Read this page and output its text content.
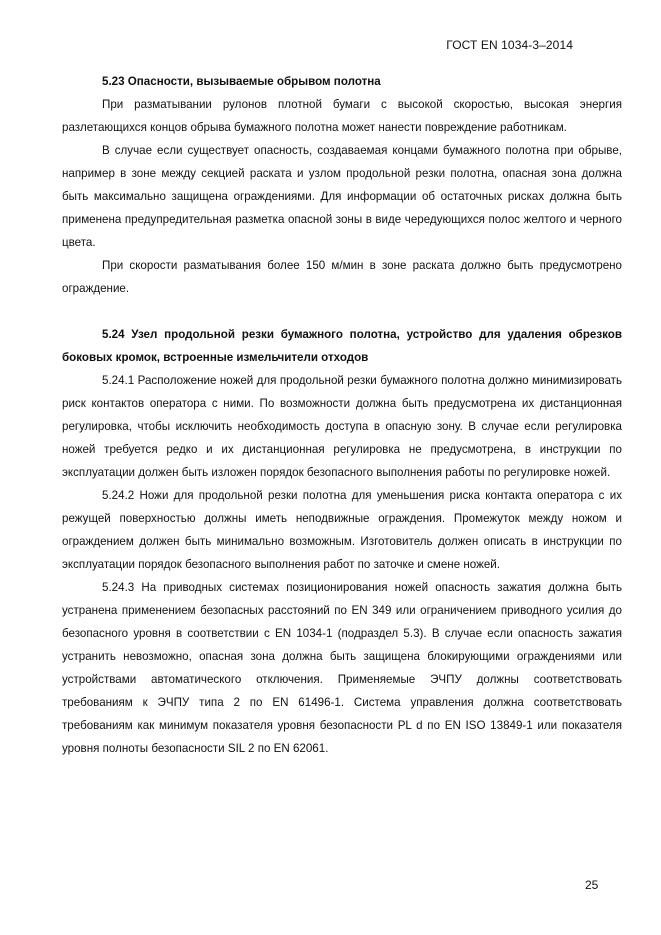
ГОСТ EN 1034-3–2014

5.23 Опасности, вызываемые обрывом полотна

При разматывании рулонов плотной бумаги с высокой скоростью, высокая энергия разлетающихся концов обрыва бумажного полотна может нанести повреждение работникам.

В случае если существует опасность, создаваемая концами бумажного полотна при обрыве, например в зоне между секцией раската и узлом продольной резки полотна, опасная зона должна быть максимально защищена ограждениями. Для информации об остаточных рисках должна быть применена предупредительная разметка опасной зоны в виде чередующихся полос желтого и черного цвета.

При скорости разматывания более 150 м/мин в зоне раската должно быть предусмотрено ограждение.

5.24 Узел продольной резки бумажного полотна, устройство для удаления обрезков боковых кромок, встроенные измельчители отходов

5.24.1 Расположение ножей для продольной резки бумажного полотна должно минимизировать риск контактов оператора с ними. По возможности должна быть предусмотрена их дистанционная регулировка, чтобы исключить необходимость доступа в опасную зону. В случае если регулировка ножей требуется редко и их дистанционная регулировка не предусмотрена, в инструкции по эксплуатации должен быть изложен порядок безопасного выполнения работы по регулировке ножей.

5.24.2 Ножи для продольной резки полотна для уменьшения риска контакта оператора с их режущей поверхностью должны иметь неподвижные ограждения. Промежуток между ножом и ограждением должен быть минимально возможным. Изготовитель должен описать в инструкции по эксплуатации порядок безопасного выполнения работ по заточке и смене ножей.

5.24.3 На приводных системах позиционирования ножей опасность зажатия должна быть устранена применением безопасных расстояний по EN 349 или ограничением приводного усилия до безопасного уровня в соответствии с EN 1034-1 (подраздел 5.3). В случае если опасность зажатия устранить невозможно, опасная зона должна быть защищена блокирующими ограждениями или устройствами автоматического отключения. Применяемые ЭЧПУ должны соответствовать требованиям к ЭЧПУ типа 2 по EN 61496-1. Система управления должна соответствовать требованиям как минимум показателя уровня безопасности PL d по EN ISO 13849-1 или показателя уровня полноты безопасности SIL 2 по EN 62061.

25
